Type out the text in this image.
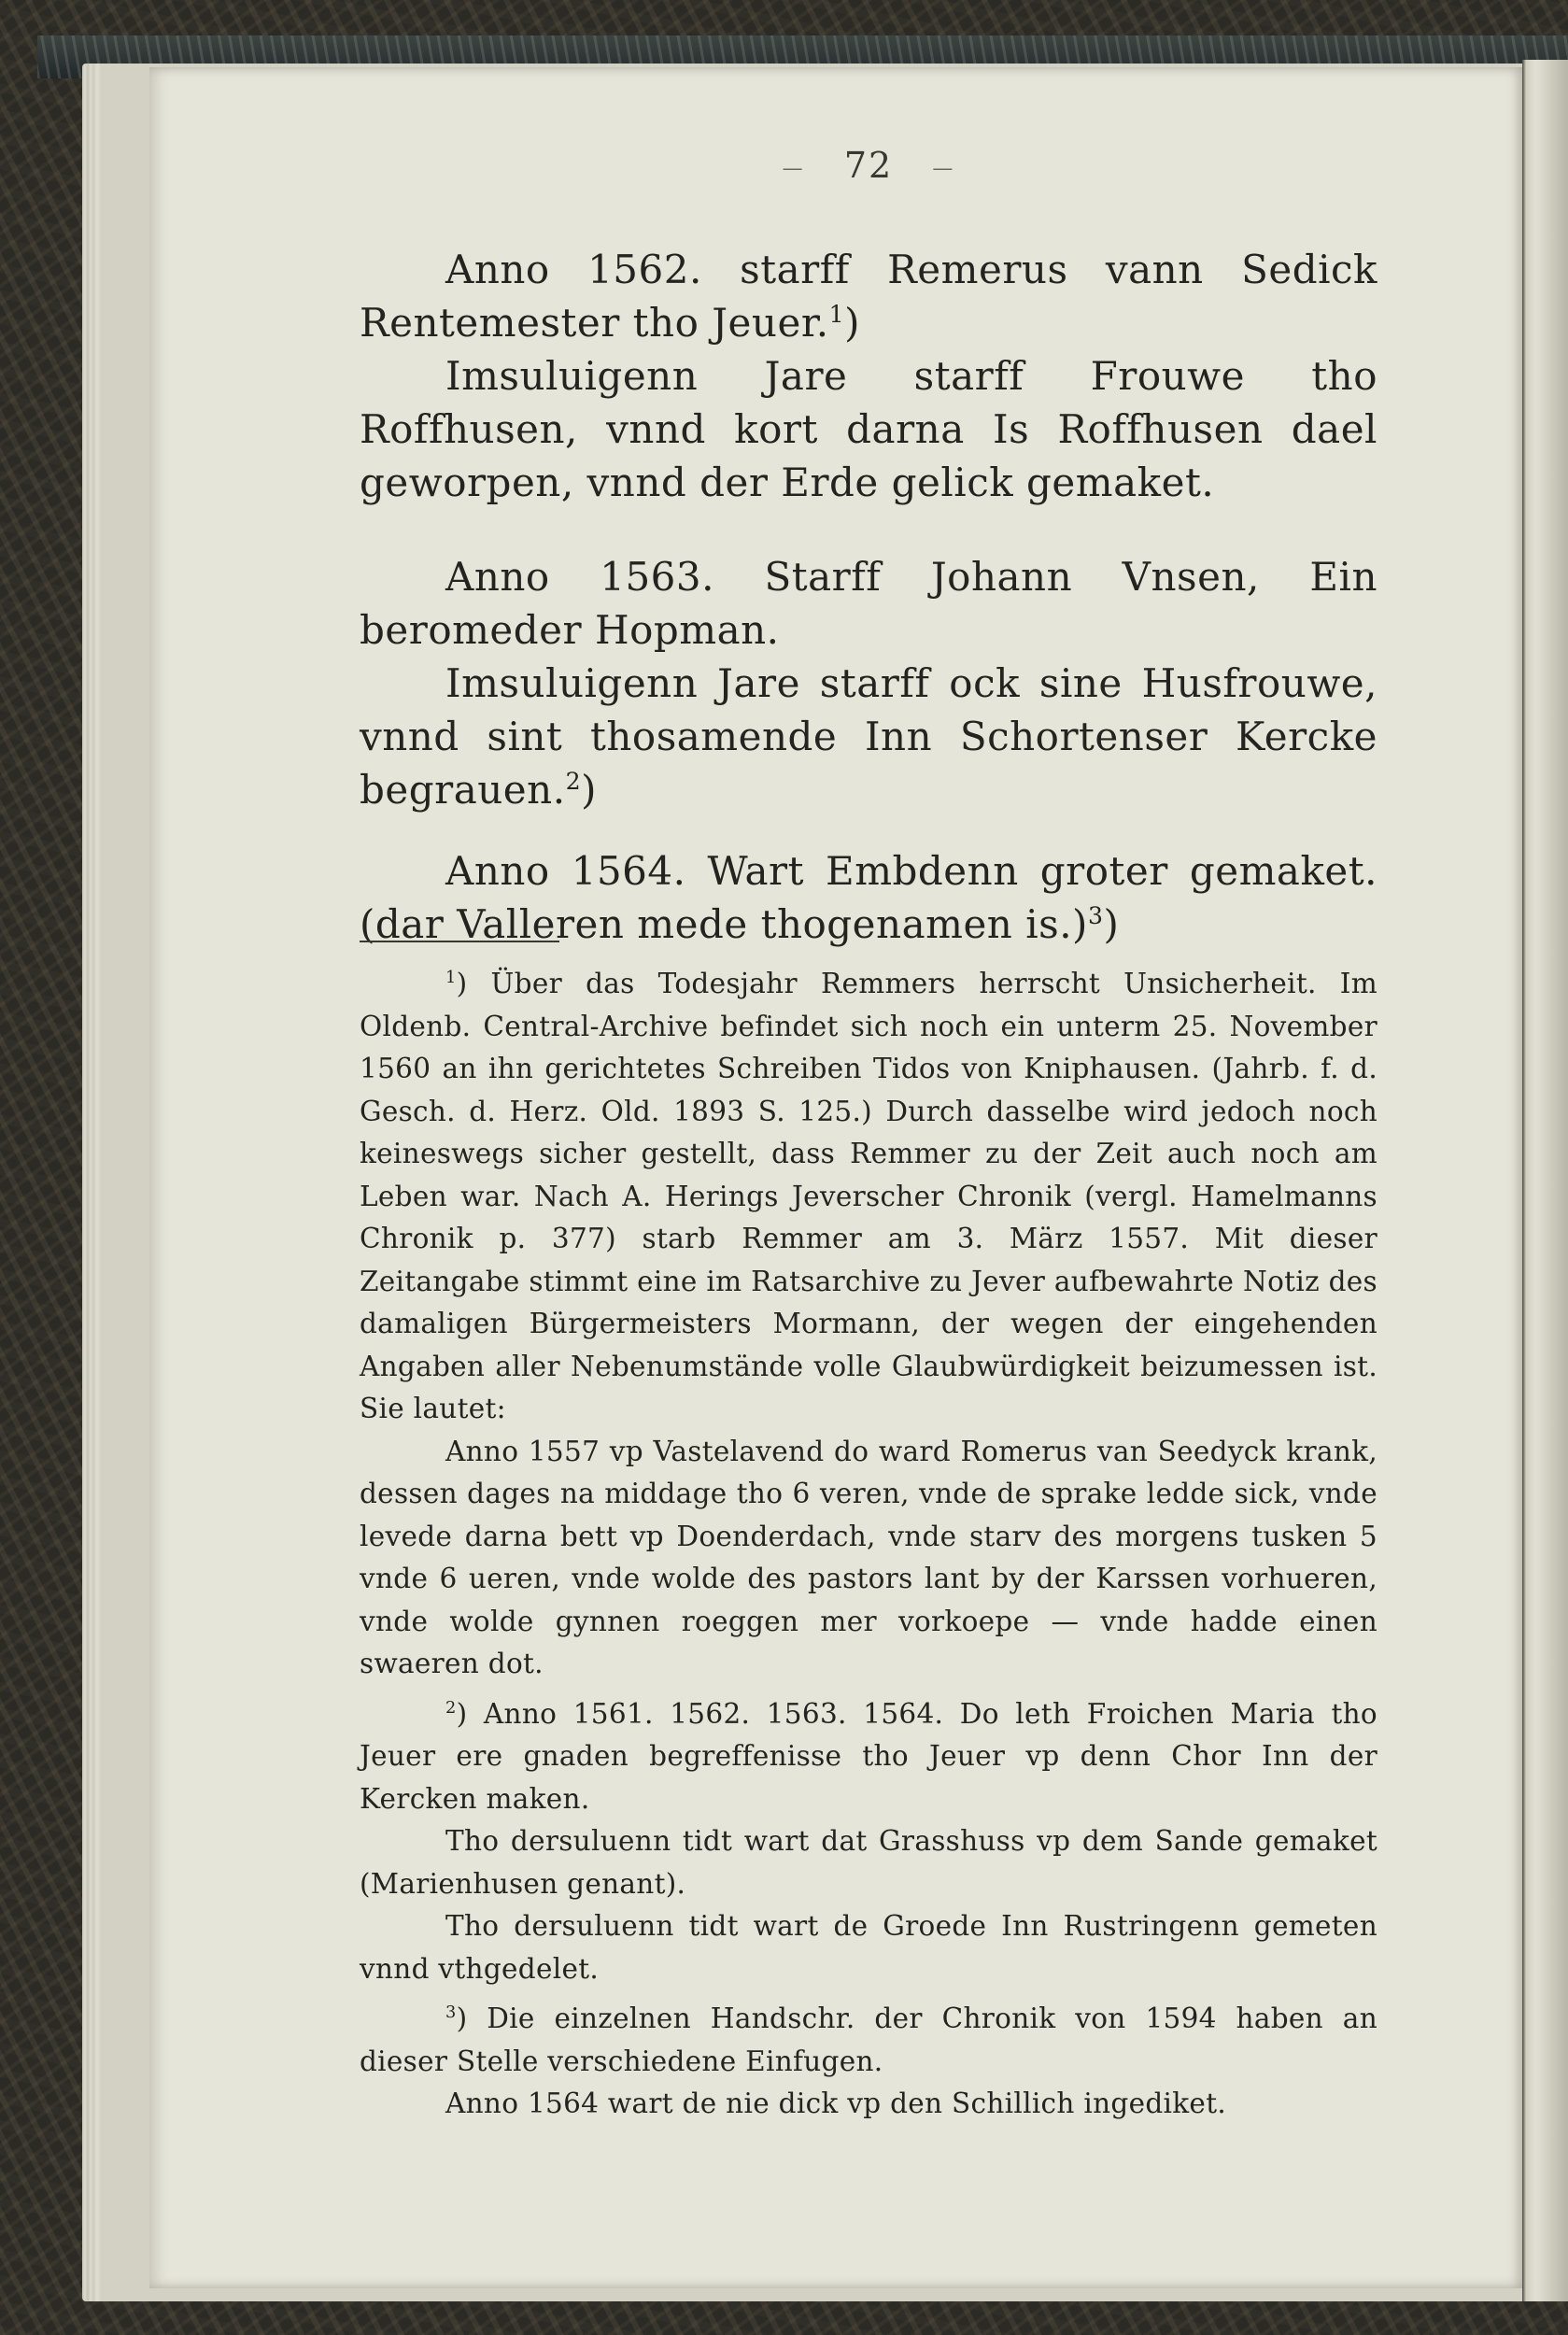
— 72 —

Anno 1562. starff Remerus vann Sedick Rentemester tho Jeuer.$^1$)

Imsuluigenn Jare starff Frouwe tho Roffhusen, vnnd kort darna Is Roffhusen dael geworpen, vnnd der Erde gelick gemaket.

Anno 1563. Starff Johann Vnsen, Ein beromeder Hopman.

Imsuluigenn Jare starff ock sine Husfrouwe, vnnd sint thosamende Inn Schortenser Kercke begrauen.$^2$)

Anno 1564. Wart Embdenn groter gemaket. (dar Valleren mede thogenamen is.)$^3$)

$^1$) Über das Todesjahr Remmers herrscht Unsicherheit. Im Oldenb. Central-Archive befindet sich noch ein unterm 25. November 1560 an ihn gerichtetes Schreiben Tidos von Kniphausen. (Jahrb. f. d. Gesch. d. Herz. Old. 1893 S. 125.) Durch dasselbe wird jedoch noch keineswegs sicher gestellt, dass Remmer zu der Zeit auch noch am Leben war. Nach A. Herings Jeverscher Chronik (vergl. Hamelmanns Chronik p. 377) starb Remmer am 3. März 1557. Mit dieser Zeitangabe stimmt eine im Ratsarchive zu Jever aufbewahrte Notiz des damaligen Bürgermeisters Mormann, der wegen der eingehenden Angaben aller Nebenumstände volle Glaubwürdigkeit beizumessen ist. Sie lautet:

Anno 1557 vp Vastelavend do ward Romerus van Seedyck krank, dessen dages na middage tho 6 veren, vnde de sprake ledde sick, vnde levede darna bett vp Doenderdach, vnde starv des morgens tusken 5 vnde 6 ueren, vnde wolde des pastors lant by der Karssen vorhueren, vnde wolde gynnen roeggen mer vorkoepe — vnde hadde einen swaeren dot.

$^2$) Anno 1561. 1562. 1563. 1564. Do leth Froichen Maria tho Jeuer ere gnaden begreffenisse tho Jeuer vp denn Chor Inn der Kercken maken.

Tho dersuluenn tidt wart dat Grasshuss vp dem Sande gemaket (Marienhusen genant).

Tho dersuluenn tidt wart de Groede Inn Rustringenn gemeten vnnd vthgedelet.

$^3$) Die einzelnen Handschr. der Chronik von 1594 haben an dieser Stelle verschiedene Einfugen.

Anno 1564 wart de nie dick vp den Schillich ingediket.
